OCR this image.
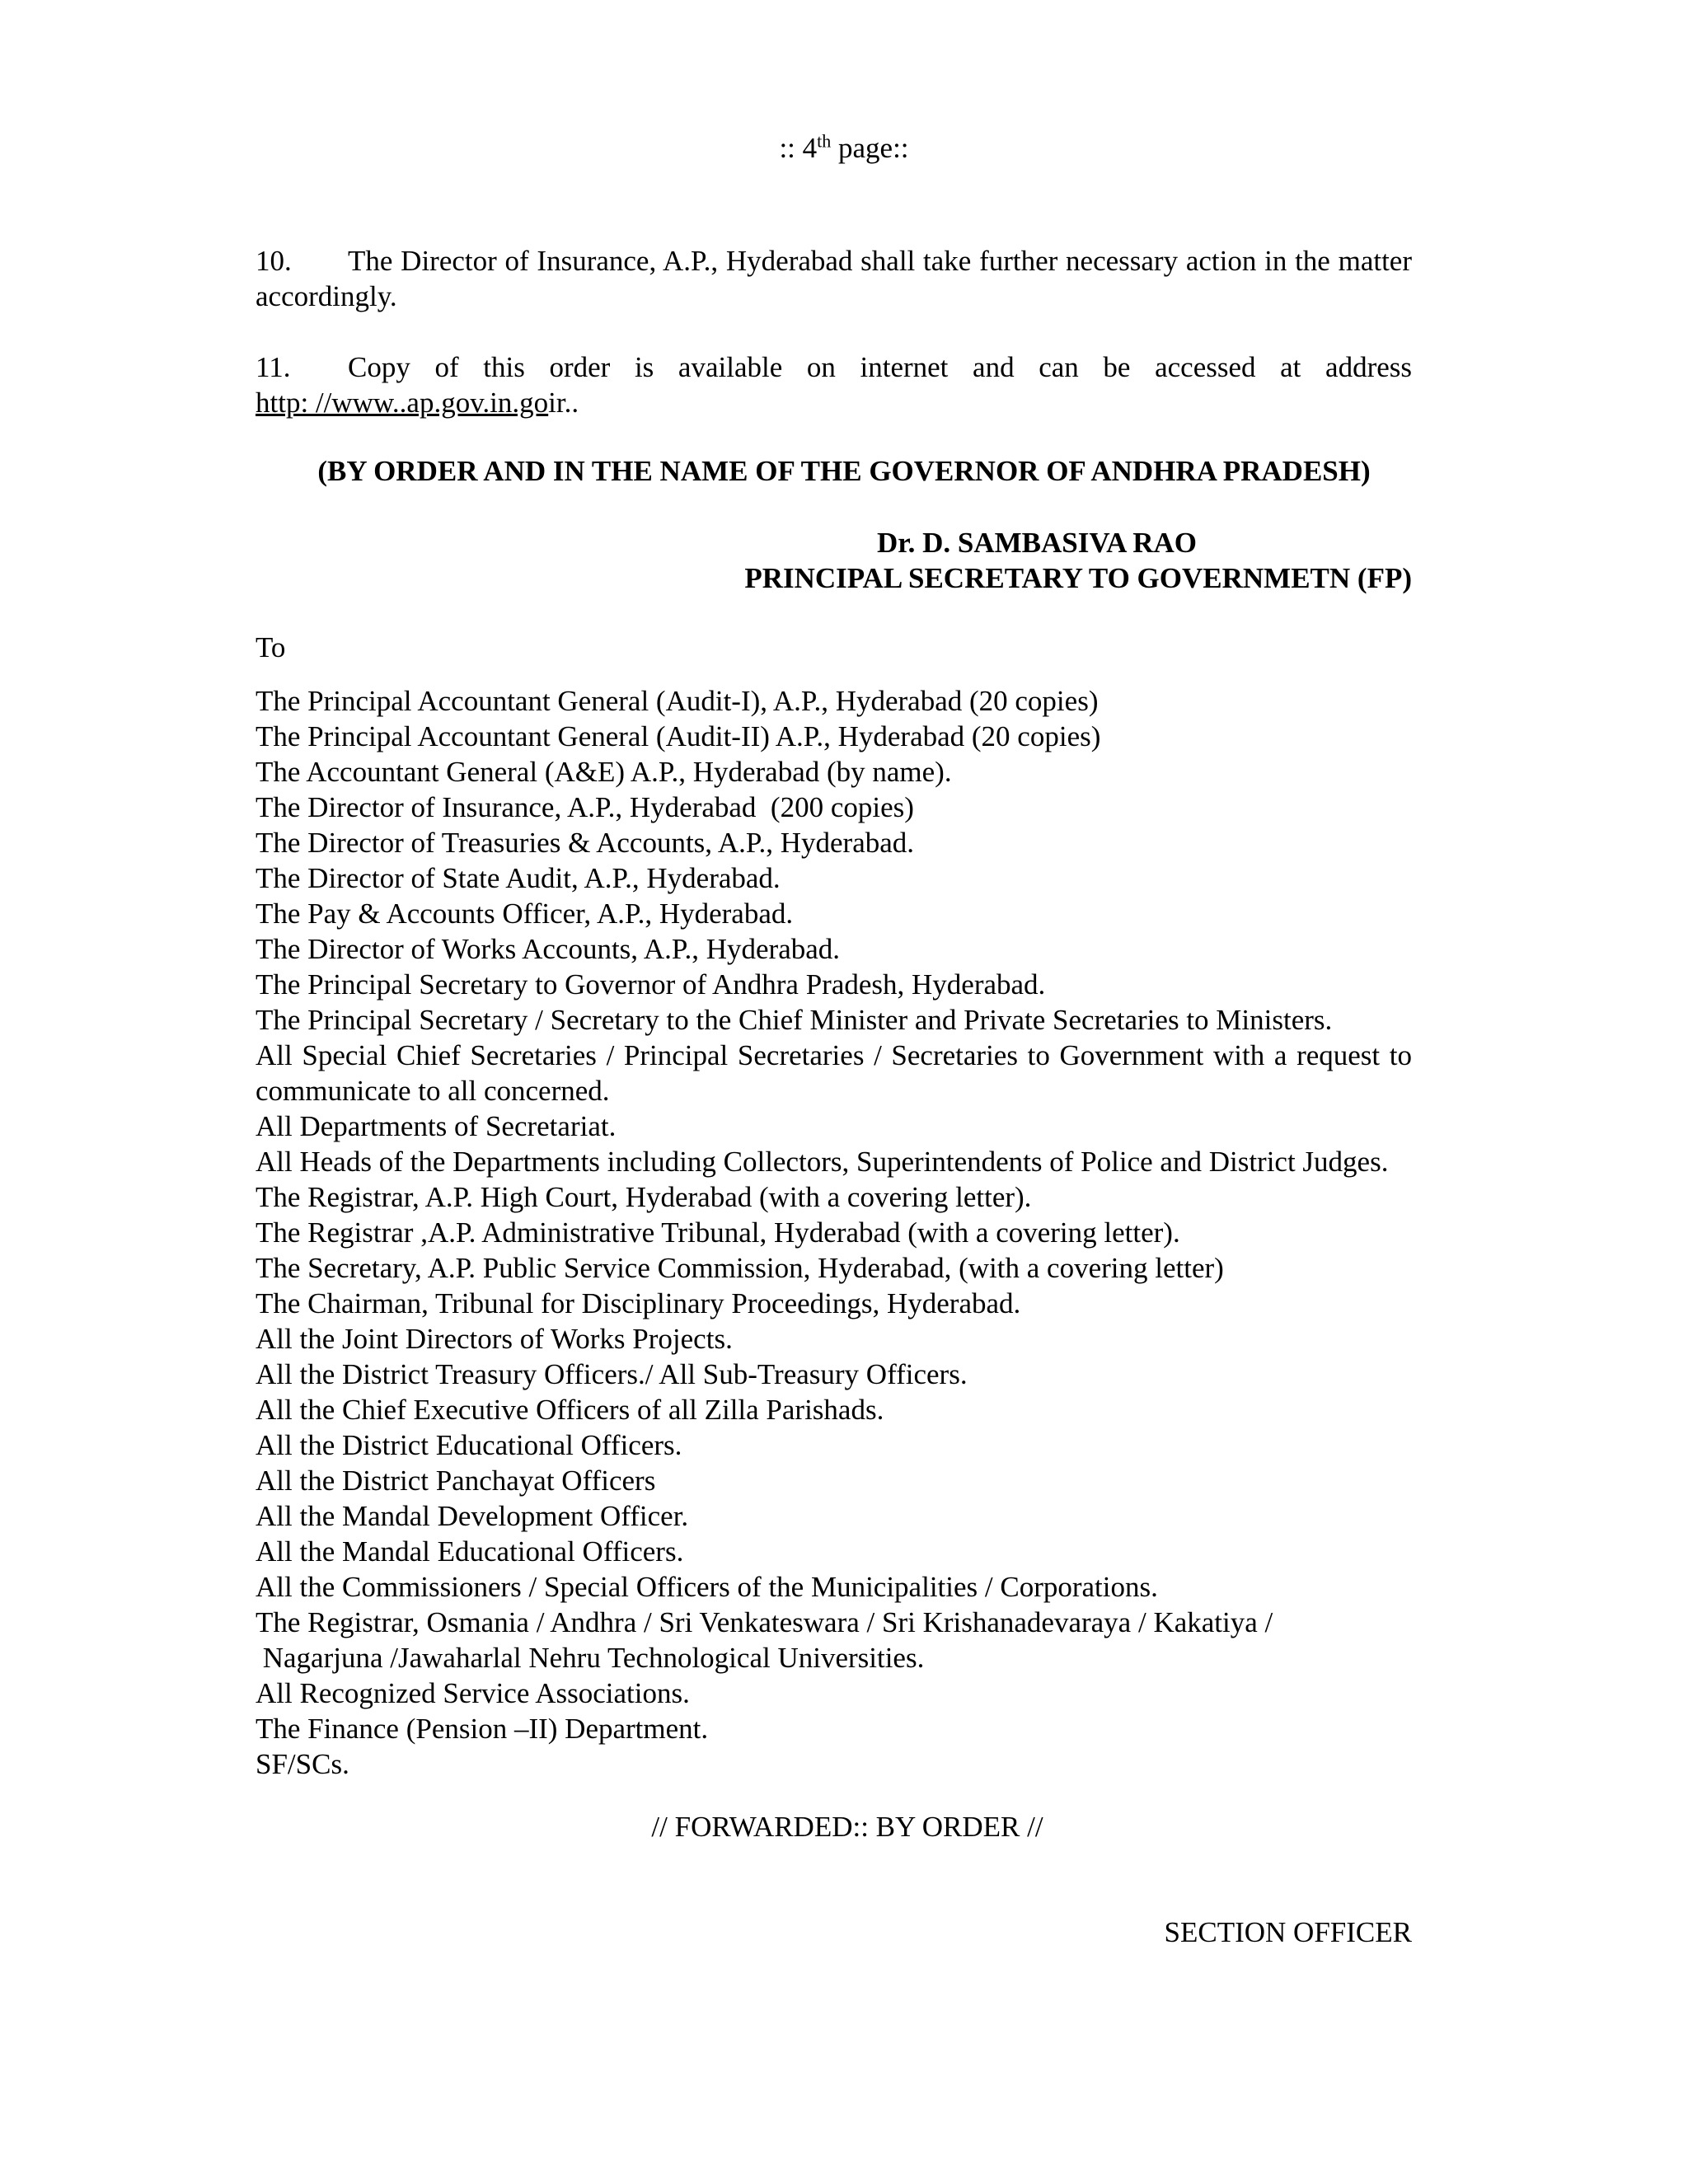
:: 4th page::
10. The Director of Insurance, A.P., Hyderabad shall take further necessary action in the matter accordingly.
11. Copy of this order is available on internet and can be accessed at address
http: //www..ap.gov.in.goir..
(BY ORDER AND IN THE NAME OF THE GOVERNOR OF ANDHRA PRADESH)
Dr. D. SAMBASIVA RAO
PRINCIPAL SECRETARY TO GOVERNMETN (FP)
To
The Principal Accountant General (Audit-I), A.P., Hyderabad (20 copies)
The Principal Accountant General (Audit-II) A.P., Hyderabad (20 copies)
The Accountant General (A&E) A.P., Hyderabad (by name).
The Director of Insurance, A.P., Hyderabad  (200 copies)
The Director of Treasuries & Accounts, A.P., Hyderabad.
The Director of State Audit, A.P., Hyderabad.
The Pay & Accounts Officer, A.P., Hyderabad.
The Director of Works Accounts, A.P., Hyderabad.
The Principal Secretary to Governor of Andhra Pradesh, Hyderabad.
The Principal Secretary / Secretary to the Chief Minister and Private Secretaries to Ministers.
All Special Chief Secretaries / Principal Secretaries / Secretaries to Government with a request to communicate to all concerned.
All Departments of Secretariat.
All Heads of the Departments including Collectors, Superintendents of Police and District Judges.
The Registrar, A.P. High Court, Hyderabad (with a covering letter).
The Registrar ,A.P. Administrative Tribunal, Hyderabad (with a covering letter).
The Secretary, A.P. Public Service Commission, Hyderabad, (with a covering letter)
The Chairman, Tribunal for Disciplinary Proceedings, Hyderabad.
All the Joint Directors of Works Projects.
All the District Treasury Officers./ All Sub-Treasury Officers.
All the Chief Executive Officers of all Zilla Parishads.
All the District Educational Officers.
All the District Panchayat Officers
All the Mandal Development Officer.
All the Mandal Educational Officers.
All the Commissioners / Special Officers of the Municipalities / Corporations.
The Registrar, Osmania / Andhra / Sri Venkateswara / Sri Krishanadevaraya / Kakatiya /
Nagarjuna /Jawaharlal Nehru Technological Universities.
All Recognized Service Associations.
The Finance (Pension –II) Department.
SF/SCs.
// FORWARDED:: BY ORDER //
SECTION OFFICER
